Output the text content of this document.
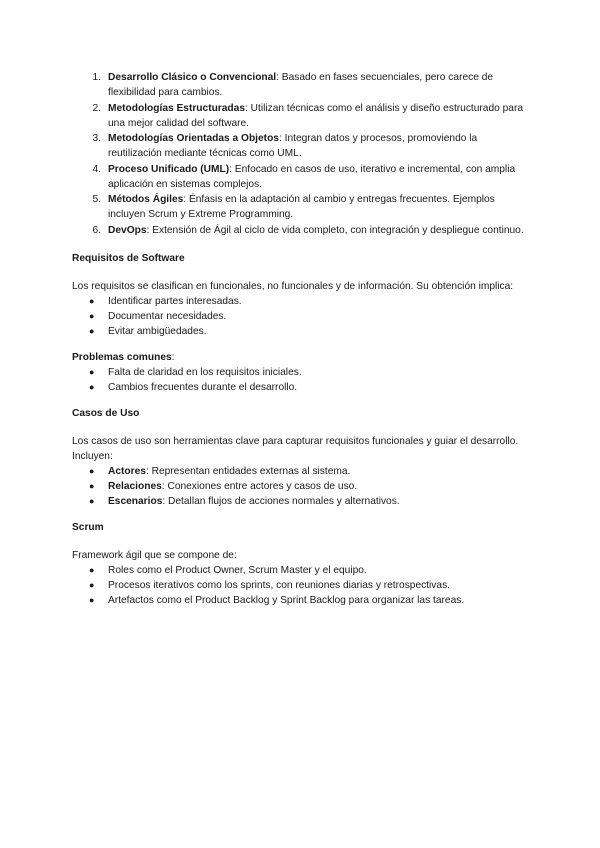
1. Desarrollo Clásico o Convencional: Basado en fases secuenciales, pero carece de flexibilidad para cambios.
2. Metodologías Estructuradas: Utilizan técnicas como el análisis y diseño estructurado para una mejor calidad del software.
3. Metodologías Orientadas a Objetos: Integran datos y procesos, promoviendo la reutilización mediante técnicas como UML.
4. Proceso Unificado (UML): Enfocado en casos de uso, iterativo e incremental, con amplia aplicación en sistemas complejos.
5. Métodos Ágiles: Énfasis en la adaptación al cambio y entregas frecuentes. Ejemplos incluyen Scrum y Extreme Programming.
6. DevOps: Extensión de Ágil al ciclo de vida completo, con integración y despliegue continuo.
Requisitos de Software

Los requisitos se clasifican en funcionales, no funcionales y de información. Su obtención implica:

● Identificar partes interesadas.
● Documentar necesidades.
● Evitar ambigüedades.
Problemas comunes:
● Falta de claridad en los requisitos iniciales.
● Cambios frecuentes durante el desarrollo.
Casos de Uso

Los casos de uso son herramientas clave para capturar requisitos funcionales y guiar el desarrollo. Incluyen:

● Actores: Representan entidades externas al sistema.
● Relaciones: Conexiones entre actores y casos de uso.
● Escenarios: Detallan flujos de acciones normales y alternativos.
Scrum

Framework ágil que se compone de:

● Roles como el Product Owner, Scrum Master y el equipo.
● Procesos iterativos como los sprints, con reuniones diarias y retrospectivas.
● Artefactos como el Product Backlog y Sprint Backlog para organizar las tareas.
